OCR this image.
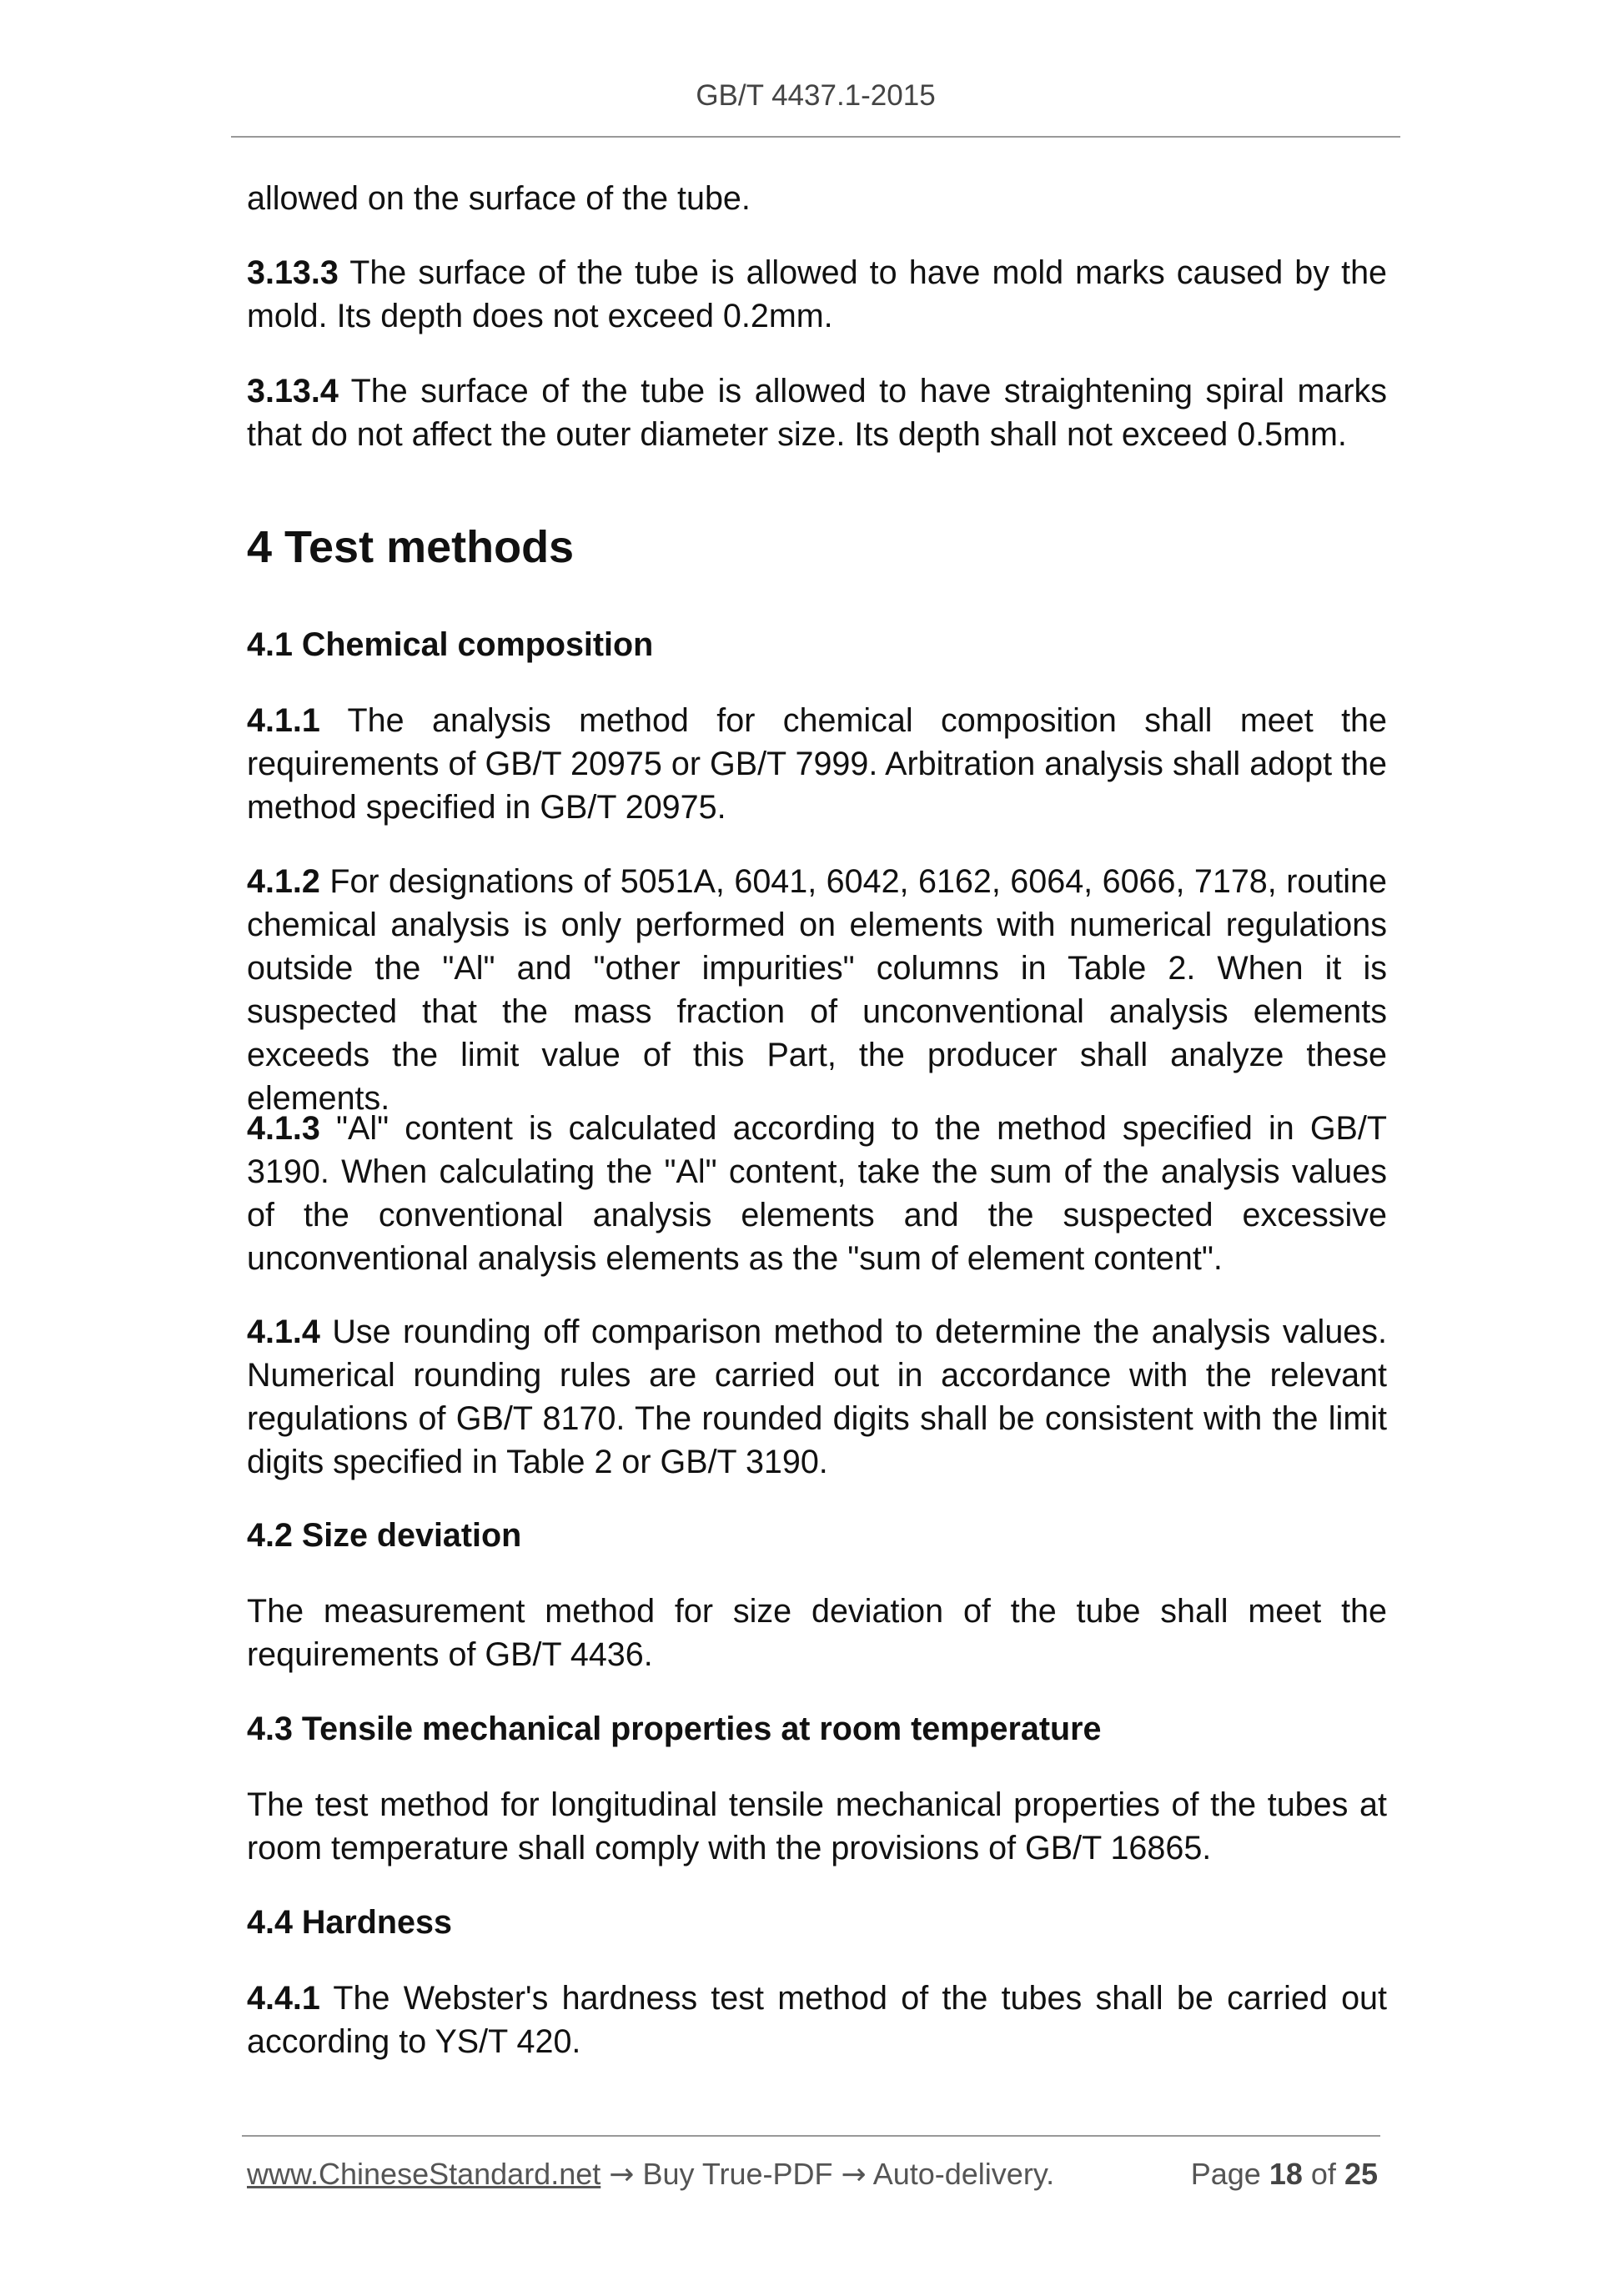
GB/T 4437.1-2015

allowed on the surface of the tube.

3.13.3 The surface of the tube is allowed to have mold marks caused by the mold. Its depth does not exceed 0.2mm.

3.13.4 The surface of the tube is allowed to have straightening spiral marks that do not affect the outer diameter size. Its depth shall not exceed 0.5mm.

4 Test methods
4.1 Chemical composition

4.1.1 The analysis method for chemical composition shall meet the requirements of GB/T 20975 or GB/T 7999. Arbitration analysis shall adopt the method specified in GB/T 20975.

4.1.2 For designations of 5051A, 6041, 6042, 6162, 6064, 6066, 7178, routine chemical analysis is only performed on elements with numerical regulations outside the "Al" and "other impurities" columns in Table 2. When it is suspected that the mass fraction of unconventional analysis elements exceeds the limit value of this Part, the producer shall analyze these elements.

4.1.3 "Al" content is calculated according to the method specified in GB/T 3190. When calculating the "Al" content, take the sum of the analysis values of the conventional analysis elements and the suspected excessive unconventional analysis elements as the "sum of element content".

4.1.4 Use rounding off comparison method to determine the analysis values. Numerical rounding rules are carried out in accordance with the relevant regulations of GB/T 8170. The rounded digits shall be consistent with the limit digits specified in Table 2 or GB/T 3190.

4.2 Size deviation

The measurement method for size deviation of the tube shall meet the requirements of GB/T 4436.

4.3 Tensile mechanical properties at room temperature

The test method for longitudinal tensile mechanical properties of the tubes at room temperature shall comply with the provisions of GB/T 16865.

4.4 Hardness

4.4.1 The Webster's hardness test method of the tubes shall be carried out according to YS/T 420.

www.ChineseStandard.net → Buy True-PDF → Auto-delivery.	Page 18 of 25
